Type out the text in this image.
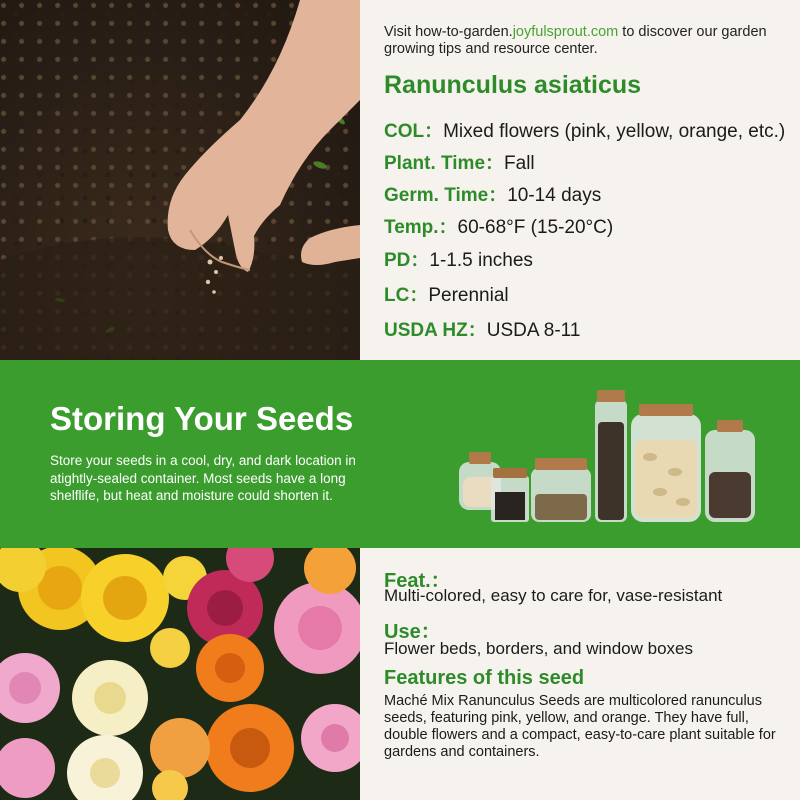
Visit how-to-garden.joyfulsprout.com to discover our garden growing tips and resource center.
Ranunculus asiaticus
COL：Mixed flowers (pink, yellow, orange, etc.)
Plant. Time：Fall
Germ. Time：10-14 days
Temp.：60-68°F (15-20°C)
PD：1-1.5 inches
LC：Perennial
USDA HZ：USDA 8-11
Storing Your Seeds
Store your seeds in a cool, dry, and dark location in atightly-sealed container. Most seeds have a long shelflife, but heat and moisture could shorten it.
Feat.：
Multi-colored, easy to care for, vase-resistant
Use：
Flower beds, borders, and window boxes
Features of this seed
Maché Mix Ranunculus Seeds are multicolored ranunculus seeds, featuring pink, yellow, and orange. They have full, double flowers and a compact, easy-to-care plant suitable for gardens and containers.
